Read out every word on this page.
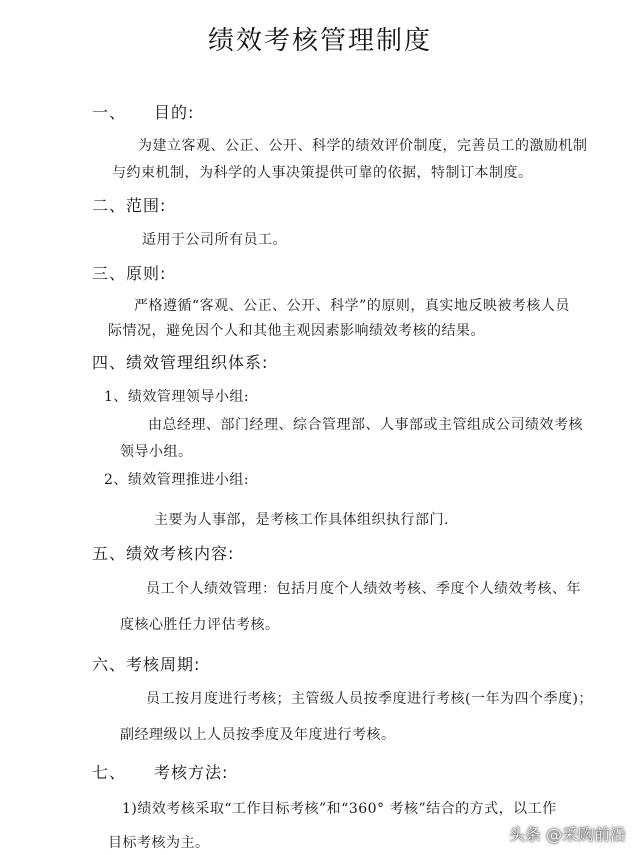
绩效考核管理制度
一、 目的:
为建立客观、公正、公开、科学的绩效评价制度，完善员工的激励机制
与约束机制，为科学的人事决策提供可靠的依据，特制订本制度。
二、范围:
适用于公司所有员工。
三、原则:
严格遵循“客观、公正、公开、科学”的原则，真实地反映被考核人员
际情况，避免因个人和其他主观因素影响绩效考核的结果。
四、绩效管理组织体系:
1、绩效管理领导小组:
由总经理、部门经理、综合管理部、人事部或主管组成公司绩效考核
领导小组。
2、绩效管理推进小组:
主要为人事部，是考核工作具体组织执行部门.
五、绩效考核内容:
员工个人绩效管理：包括月度个人绩效考核、季度个人绩效考核、年
度核心胜任力评估考核。
六、考核周期:
员工按月度进行考核；主管级人员按季度进行考核(一年为四个季度)；
副经理级以上人员按季度及年度进行考核。
七、 考核方法:
1)绩效考核采取“工作目标考核”和“360° 考核”结合的方式，以工作
目标考核为主。	头条 @采购前沿
